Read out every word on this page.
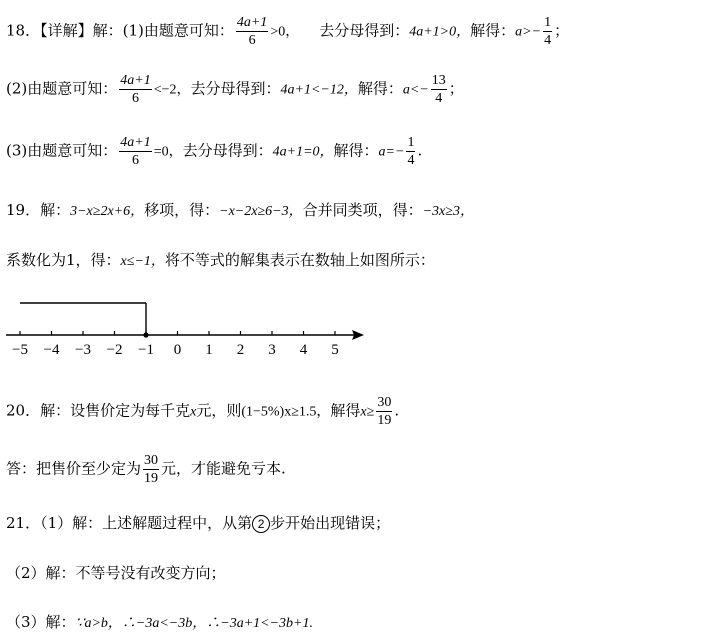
18．【详解】解：(1)由题意可知： $\frac{4a+1}{6} >0$， 去分母得到：4a+1>0，解得：$a>- \frac{1}{4}$ ；
(2)由题意可知： $\frac{4a+1}{6} <-2$，去分母得到：4a+1<−12，解得：$a<- \frac{13}{4}$ ；
(3)由题意可知： $\frac{4a+1}{6} =0$，去分母得到：4a+1=0，解得：$a=- \frac{1}{4}$ .
19．解：3−x≥2x+6，移项，得：−x−2x≥6−3，合并同类项，得：−3x≥3，
系数化为1，得：x≤−1，将不等式的解集表示在数轴上如图所示：
−5 −4 −3 −2 −1 0 1 2 3 4 5
20．解：设售价定为每千克x元，则(1−5%)x≥1.5，解得$x\ge \frac{30}{19}$ .
答：把售价至少定为 $\frac{30}{19}$ 元，才能避免亏本.
21．（1）解：上述解题过程中，从第 2 步开始出现错误；
（2）解：不等号没有改变方向；
（3）解：∵a>b，∴−3a<−3b，∴−3a+1<−3b+1.
